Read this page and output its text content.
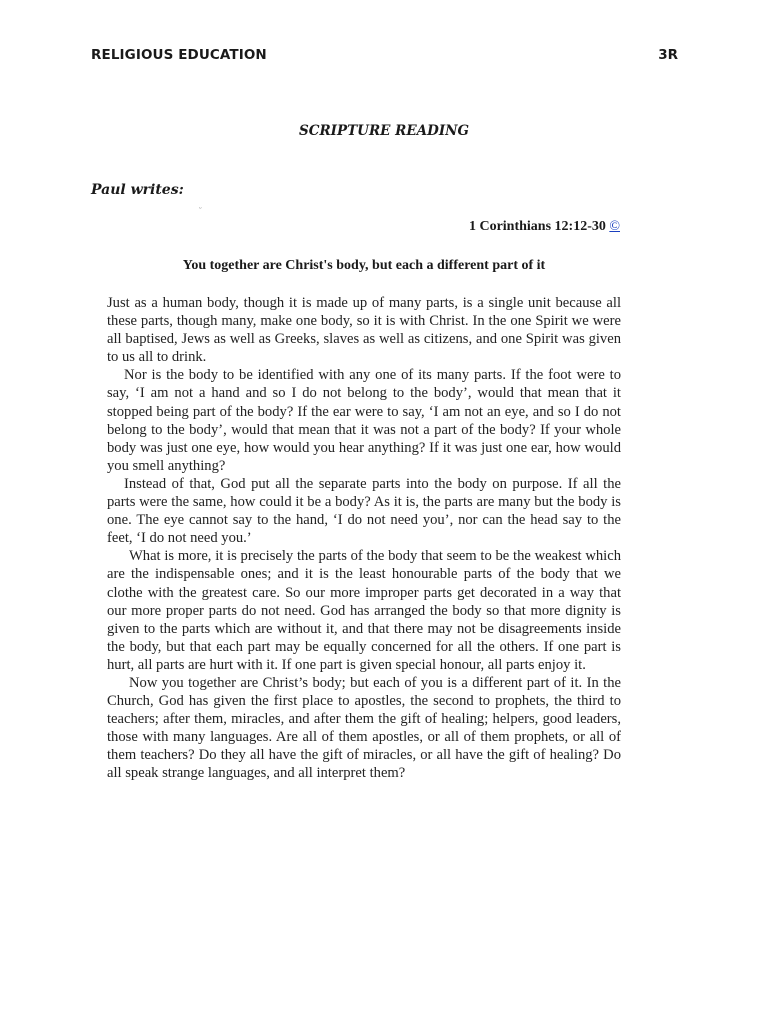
RELIGIOUS EDUCATION	3R
SCRIPTURE READING
Paul writes:
ᵕ
1 Corinthians 12:12-30 ©
You together are Christ's body, but each a different part of it

Just as a human body, though it is made up of many parts, is a single unit because all these parts, though many, make one body, so it is with Christ. In the one Spirit we were all baptised, Jews as well as Greeks, slaves as well as citizens, and one Spirit was given to us all to drink.

Nor is the body to be identified with any one of its many parts. If the foot were to say, ‘I am not a hand and so I do not belong to the body’, would that mean that it stopped being part of the body? If the ear were to say, ‘I am not an eye, and so I do not belong to the body’, would that mean that it was not a part of the body? If your whole body was just one eye, how would you hear anything? If it was just one ear, how would you smell anything?

Instead of that, God put all the separate parts into the body on purpose. If all the parts were the same, how could it be a body? As it is, the parts are many but the body is one. The eye cannot say to the hand, ‘I do not need you’, nor can the head say to the feet, ‘I do not need you.’

What is more, it is precisely the parts of the body that seem to be the weakest which are the indispensable ones; and it is the least honourable parts of the body that we clothe with the greatest care. So our more improper parts get decorated in a way that our more proper parts do not need. God has arranged the body so that more dignity is given to the parts which are without it, and that there may not be disagreements inside the body, but that each part may be equally concerned for all the others. If one part is hurt, all parts are hurt with it. If one part is given special honour, all parts enjoy it.

Now you together are Christ’s body; but each of you is a different part of it. In the Church, God has given the first place to apostles, the second to prophets, the third to teachers; after them, miracles, and after them the gift of healing; helpers, good leaders, those with many languages. Are all of them apostles, or all of them prophets, or all of them teachers? Do they all have the gift of miracles, or all have the gift of healing? Do all speak strange languages, and all interpret them?
